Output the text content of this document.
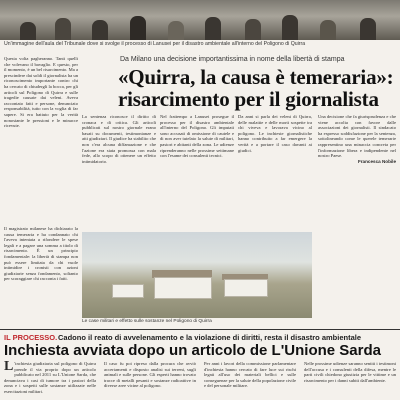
Un'immagine dell'aula del Tribunale dove si svolge il processo di Lanusei per il disastro ambientale all'interno del Poligono di Quirra

Questa volta pagheranno. Tanti quelli che volevano il bavaglio. E questo, per il momento, è un bel risarcimento. Ma a prescindere dai soldi il giornalista ha un riconoscimento importante contro chi ha cercato di chiudergli la bocca, per gli articoli sul Poligono di Quirra e sulle tragedie causate dai veleni. Aveva raccontato fatti e persone, denunciato responsabilità, tutto con la voglia di far sapere. Si era battuto per la verità nonostante le pressioni e le minacce ricevute.

Il magistrato milanese ha dichiarato la causa temeraria e ha condannato chi l'aveva intentata a rifondere le spese legali e a pagare una somma a titolo di risarcimento. È un principio fondamentale: la libertà di stampa non può essere limitata da chi vuole intimidire i cronisti con azioni giudiziarie senza fondamento, soltanto per scoraggiare chi racconta i fatti.

Da Milano una decisione importantissima in nome della libertà di stampa
«Quirra, la causa è temeraria»: risarcimento per il giornalista

La sentenza riconosce il diritto di cronaca e di critica. Gli articoli pubblicati sul nostro giornale erano basati su documenti, testimonianze e atti giudiziari. Il giudice ha stabilito che non c'era alcuna diffamazione e che l'azione era stata promossa con mala fede, allo scopo di ottenere un effetto intimidatorio.

Nel frattempo a Lanusei prosegue il processo per il disastro ambientale all'interno del Poligono. Gli imputati sono accusati di omissione di cautele e di non aver tutelato la salute di militari, pastori e abitanti della zona. Le udienze riprenderanno nelle prossime settimane con l'esame dei consulenti tecnici.

Da anni si parla dei veleni di Quirra, delle malattie e delle morti sospette tra chi viveva e lavorava vicino al poligono. Le inchieste giornalistiche hanno contribuito a far emergere la verità e a portare il caso davanti ai giudici.

Una decisione che fa giurisprudenza e che viene accolta con favore dalle associazioni dei giornalisti. Il sindacato ha espresso soddisfazione per la sentenza, sottolineando come le querele temerarie rappresentino una minaccia concreta per l'informazione libera e indipendente nel nostro Paese.

Francesca Nobile

Le case militari e effetto sulle sostanze nel Poligono di Quirra
IL PROCESSO. Cadono il reato di avvelenamento e la violazione di diritti, resta il disastro ambientale
Inchiesta avviata dopo un articolo de L'Unione Sarda

L 'inchiesta giudiziaria sul poligono di Quirra prende il via proprio dopo un articolo pubblicato nel 2011 su L'Unione Sarda, che denunciava i casi di tumore tra i pastori della zona e i sospetti sulle sostanze utilizzate nelle esercitazioni militari.

Il caso fu poi ripreso dalla procura che avviò accertamenti e disposto analisi sui terreni, sugli animali e sulle persone. Gli esperti hanno trovato tracce di metalli pesanti e sostanze radioattive in diverse aree vicine al poligono.

Per anni i lavori della commissione parlamentare d'inchiesta hanno cercato di fare luce sui rischi legati all'uso dei materiali bellici e sulle conseguenze per la salute della popolazione civile e del personale militare.

Nelle prossime udienze saranno sentiti i testimoni dell'accusa e i consulenti della difesa, mentre le parti civili chiedono giustizia per le vittime e un risarcimento per i danni subiti dall'ambiente.
